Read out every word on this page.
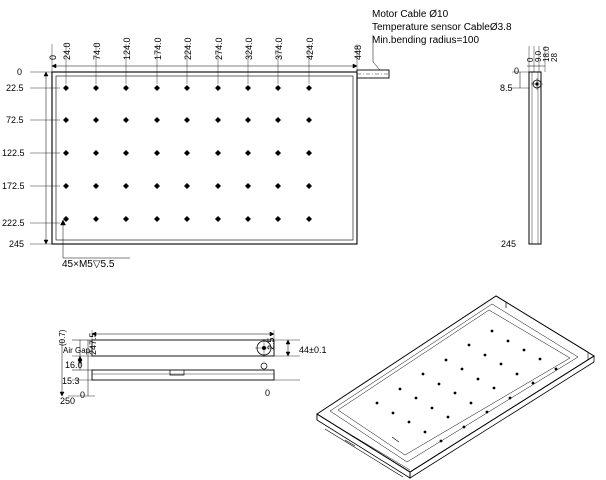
Motor Cable Ø10
Temperature sensor CableØ3.8
Min.bending radius=100
0 24.0 74.0 124.0 174.0 224.0 274.0 324.0 374.0 424.0	448
0
22.5
72.5
122.5
172.5
222.5
245
45×M5▽5.5
0 9.0 18.0 28
0
8.5
245
(0.7)
Air Gap
247.5	2.5	44±0.1
16.0
15.3
0
250
0
